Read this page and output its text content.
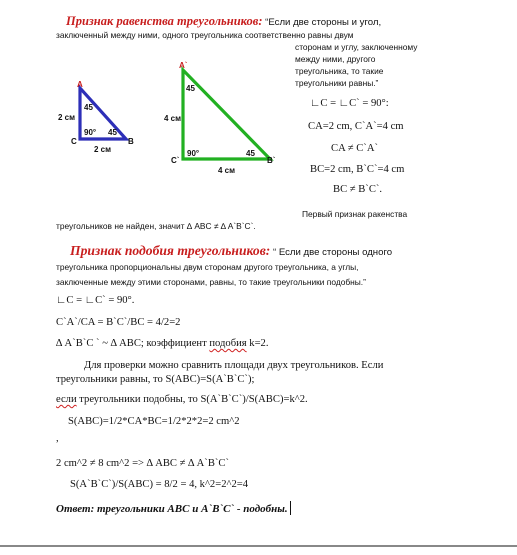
Признак равенства треугольников: “Если две стороны и угол,
заключенный между ними, одного треугольника соответственно равны двум
сторонам и углу, заключенному
между ними, другого
треугольника, то такие
треугольники равны.”
∟C = ∟C` = 90°:
CA=2 cm, C`A`=4 cm
CA ≠ C`A`
BC=2 cm, B`C`=4 cm
BC ≠ B`C`.
Первый признак ракенства
треугольников не найден, значит ∆ ABC ≠ ∆ A`B`C`.
A
C	B
45
90° 45
2 см
2 см
A`
C`	B`
45
90°	45
4 см
4 см
Признак подобия треугольников: “ Если две стороны одного
треугольника пропорциональны двум сторонам другого треугольника, а углы,
заключенные между этими сторонами, равны, то такие треугольники подобны.”
∟C = ∟C` = 90°.
C`A`/CA = B`C`/BC = 4/2=2
∆ A`B`C ` ~ ∆ ABC; коэффициент подобия k=2.
Для проверки можно сравнить площади двух треугольников. Если
треугольники равны, то S(ABC)=S(A`B`C`);
если треугольники подобны, то S(A`B`C`)/S(ABC)=k^2.
S(ABC)=1/2*CA*BC=1/2*2*2=2 cm^2
,
2 cm^2 ≠ 8 cm^2 => ∆ ABC ≠ ∆ A`B`C`
S(A`B`C`)/S(ABC) = 8/2 = 4, k^2=2^2=4
Ответ: треугольники ABC и A`B`C` - подобны.
